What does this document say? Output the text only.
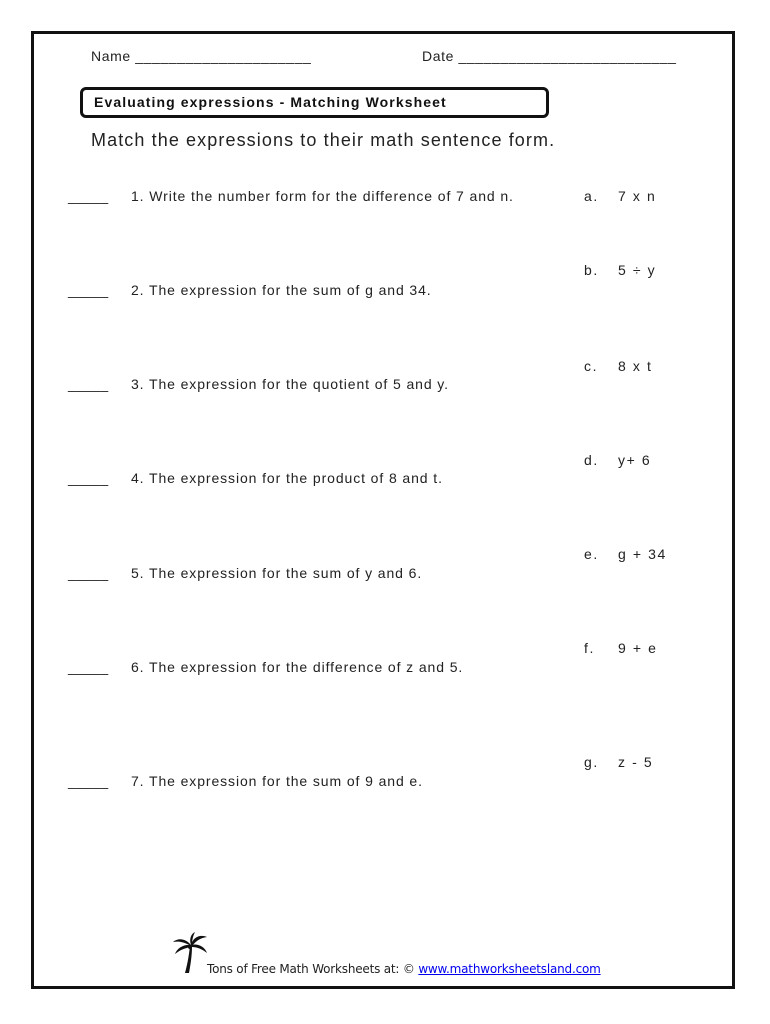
Name _____________________	Date __________________________
Evaluating expressions - Matching Worksheet
Match the expressions to their math sentence form.
_____ 1. Write the number form for the difference of 7 and n.
_____ 2. The expression for the sum of g and 34.
_____ 3. The expression for the quotient of 5 and y.
_____ 4. The expression for the product of 8 and t.
_____ 5. The expression for the sum of y and 6.
_____ 6. The expression for the difference of z and 5.
_____ 7. The expression for the sum of 9 and e.
a. 7 x n
b. 5 ÷ y
c. 8 x t
d. y+ 6
e. g + 34
f. 9 + e
g. z - 5
Tons of Free Math Worksheets at: © www.mathworksheetsland.com
